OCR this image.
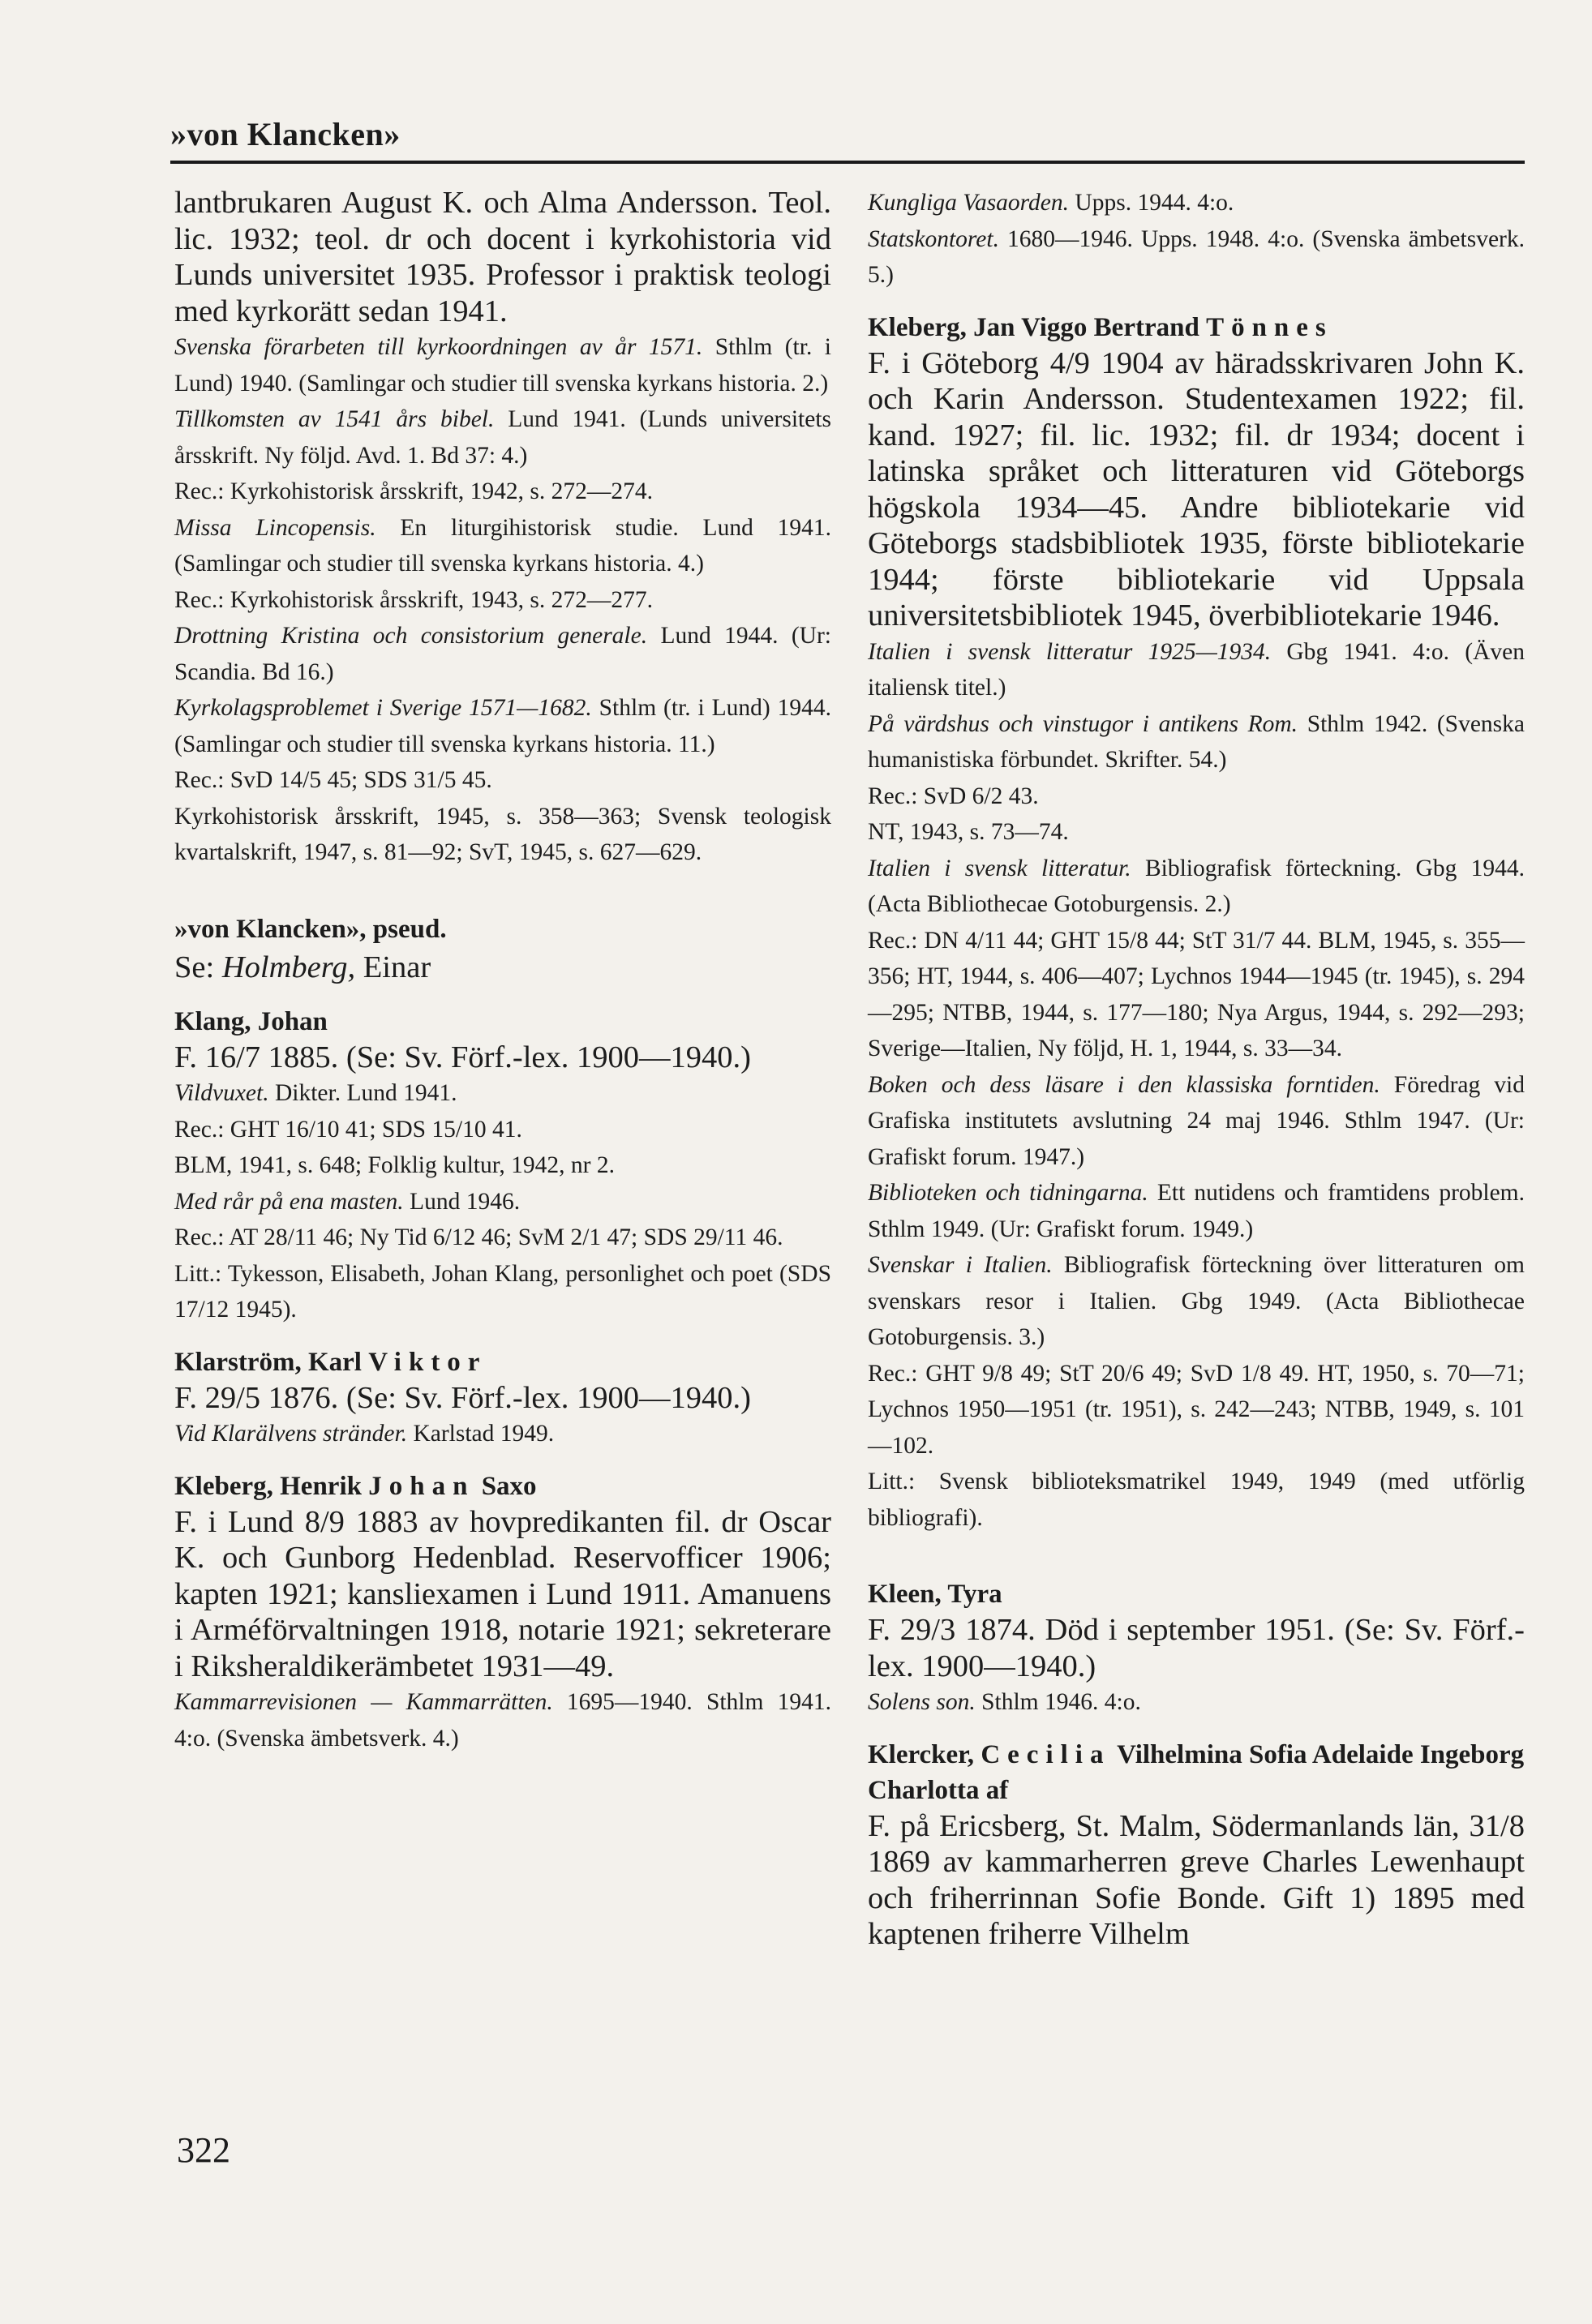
»von Klancken»
lantbrukaren August K. och Alma Andersson. Teol. lic. 1932; teol. dr och docent i kyrkohistoria vid Lunds universitet 1935. Professor i praktisk teologi med kyrkorätt sedan 1941.
Svenska förarbeten till kyrkoordningen av år 1571. Sthlm (tr. i Lund) 1940. (Samlingar och studier till svenska kyrkans historia. 2.)
Tillkomsten av 1541 års bibel. Lund 1941. (Lunds universitets årsskrift. Ny följd. Avd. 1. Bd 37: 4.)
Rec.: Kyrkohistorisk årsskrift, 1942, s. 272—274.
Missa Lincopensis. En liturgihistorisk studie. Lund 1941. (Samlingar och studier till svenska kyrkans historia. 4.)
Rec.: Kyrkohistorisk årsskrift, 1943, s. 272—277.
Drottning Kristina och consistorium generale. Lund 1944. (Ur: Scandia. Bd 16.)
Kyrkolagsproblemet i Sverige 1571—1682. Sthlm (tr. i Lund) 1944. (Samlingar och studier till svenska kyrkans historia. 11.)
Rec.: SvD 14/5 45; SDS 31/5 45.
Kyrkohistorisk årsskrift, 1945, s. 358—363; Svensk teologisk kvartalskrift, 1947, s. 81—92; SvT, 1945, s. 627—629.
»von Klancken», pseud.
Se: Holmberg, Einar
Klang, Johan
F. 16/7 1885. (Se: Sv. Förf.-lex. 1900—1940.)
Vildvuxet. Dikter. Lund 1941.
Rec.: GHT 16/10 41; SDS 15/10 41.
BLM, 1941, s. 648; Folklig kultur, 1942, nr 2.
Med rår på ena masten. Lund 1946.
Rec.: AT 28/11 46; Ny Tid 6/12 46; SvM 2/1 47; SDS 29/11 46.
Litt.: Tykesson, Elisabeth, Johan Klang, personlighet och poet (SDS 17/12 1945).
Klarström, Karl Viktor
F. 29/5 1876. (Se: Sv. Förf.-lex. 1900—1940.)
Vid Klarälvens stränder. Karlstad 1949.
Kleberg, Henrik Johan Saxo
F. i Lund 8/9 1883 av hovpredikanten fil. dr Oscar K. och Gunborg Hedenblad. Reservofficer 1906; kapten 1921; kansliexamen i Lund 1911. Amanuens i Arméförvaltningen 1918, notarie 1921; sekreterare i Riksheraldikerämbetet 1931—49.
Kammarrevisionen — Kammarrätten. 1695—1940. Sthlm 1941. 4:o. (Svenska ämbetsverk. 4.)
Kungliga Vasaorden. Upps. 1944. 4:o.
Statskontoret. 1680—1946. Upps. 1948. 4:o. (Svenska ämbetsverk. 5.)
Kleberg, Jan Viggo Bertrand Tönnes
F. i Göteborg 4/9 1904 av häradsskrivaren John K. och Karin Andersson. Studentexamen 1922; fil. kand. 1927; fil. lic. 1932; fil. dr 1934; docent i latinska språket och litteraturen vid Göteborgs högskola 1934—45. Andre bibliotekarie vid Göteborgs stadsbibliotek 1935, förste bibliotekarie 1944; förste bibliotekarie vid Uppsala universitetsbibliotek 1945, överbibliotekarie 1946.
Italien i svensk litteratur 1925—1934. Gbg 1941. 4:o. (Även italiensk titel.)
På värdshus och vinstugor i antikens Rom. Sthlm 1942. (Svenska humanistiska förbundet. Skrifter. 54.)
Rec.: SvD 6/2 43.
NT, 1943, s. 73—74.
Italien i svensk litteratur. Bibliografisk förteckning. Gbg 1944. (Acta Bibliothecae Gotoburgensis. 2.)
Rec.: DN 4/11 44; GHT 15/8 44; StT 31/7 44. BLM, 1945, s. 355—356; HT, 1944, s. 406—407; Lychnos 1944—1945 (tr. 1945), s. 294—295; NTBB, 1944, s. 177—180; Nya Argus, 1944, s. 292—293; Sverige—Italien, Ny följd, H. 1, 1944, s. 33—34.
Boken och dess läsare i den klassiska forntiden. Föredrag vid Grafiska institutets avslutning 24 maj 1946. Sthlm 1947. (Ur: Grafiskt forum. 1947.)
Biblioteken och tidningarna. Ett nutidens och framtidens problem. Sthlm 1949. (Ur: Grafiskt forum. 1949.)
Svenskar i Italien. Bibliografisk förteckning över litteraturen om svenskars resor i Italien. Gbg 1949. (Acta Bibliothecae Gotoburgensis. 3.)
Rec.: GHT 9/8 49; StT 20/6 49; SvD 1/8 49. HT, 1950, s. 70—71; Lychnos 1950—1951 (tr. 1951), s. 242—243; NTBB, 1949, s. 101—102.
Litt.: Svensk biblioteksmatrikel 1949, 1949 (med utförlig bibliografi).
Kleen, Tyra
F. 29/3 1874. Död i september 1951. (Se: Sv. Förf.-lex. 1900—1940.)
Solens son. Sthlm 1946. 4:o.
Klercker, Cecilia Vilhelmina Sofia Adelaide Ingeborg Charlotta af
F. på Ericsberg, St. Malm, Södermanlands län, 31/8 1869 av kammarherren greve Charles Lewenhaupt och friherrinnan Sofie Bonde. Gift 1) 1895 med kaptenen friherre Vilhelm
322
